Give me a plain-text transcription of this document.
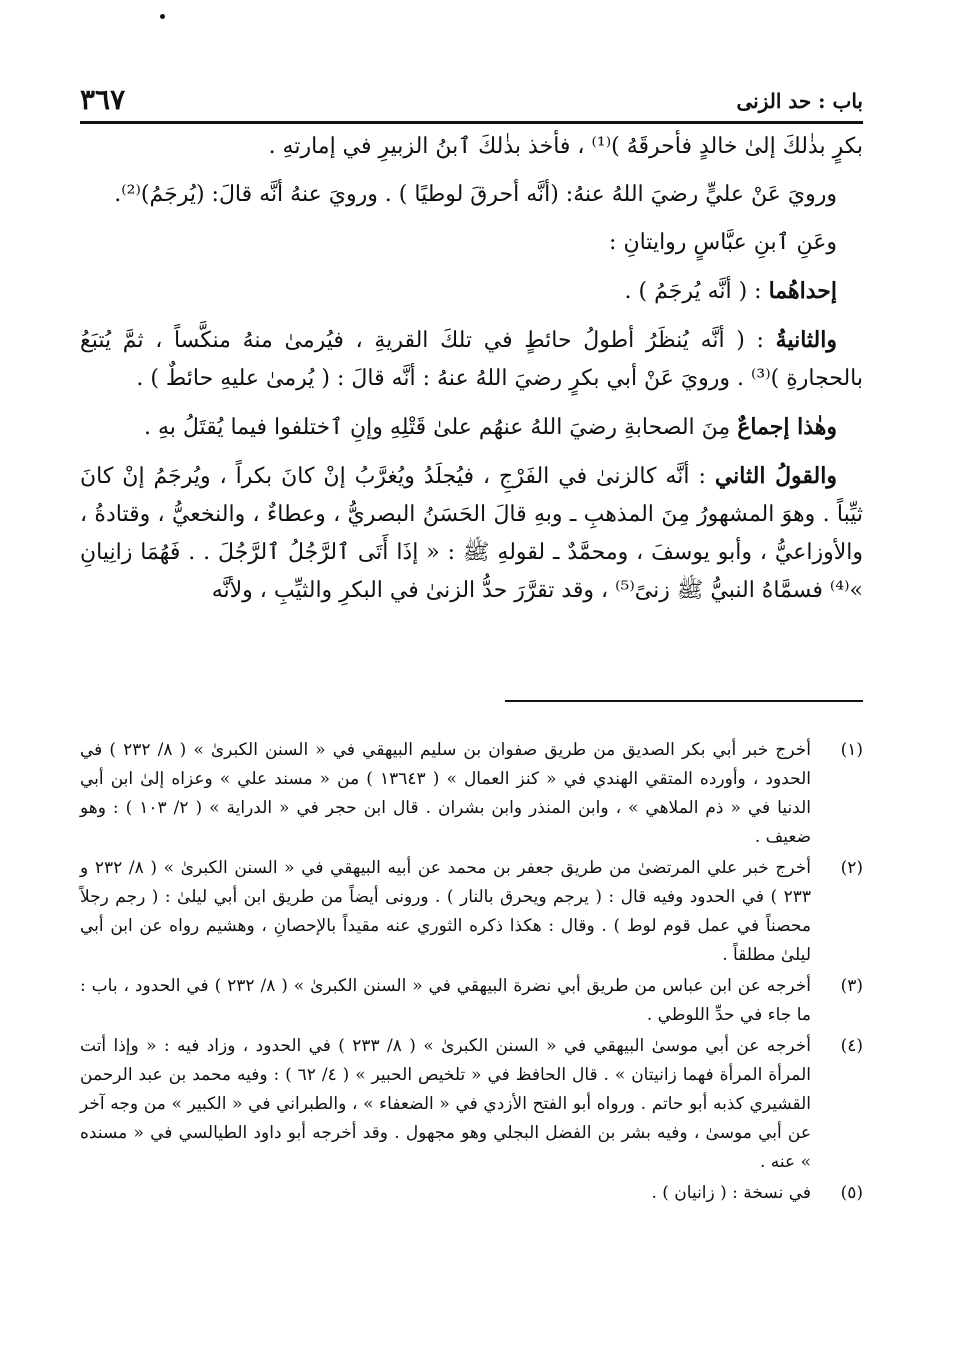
٣٦٧	باب : حد الزنى

بكرٍ بذٰلكَ إلىٰ خالدٍ فأحرقَهُ )⁽¹⁾ ، فأخذ بذٰلكَ ٱبنُ الزبيرِ في إمارتهِ .

ورويَ عَنْ عليٍّ رضيَ اللهُ عنهُ: (أنَّه أحرقَ لوطيًا ) . ورويَ عنهُ أنَّه قالَ: (يُرجَمُ)⁽²⁾.

وعَنِ ٱبنِ عبَّاسٍ روايتانِ :

إحداهُما : ( أنَّه يُرجَمُ ) .

والثانيةُ : ( أنَّه يُنظَرُ أطولُ حائطٍ في تلكَ القريةِ ، فيُرمىٰ منهُ منكَّساً ، ثمَّ يُتبَعُ بالحجارةِ )⁽³⁾ . ورويَ عَنْ أبي بكرٍ رضيَ اللهُ عنهُ : أنَّه قالَ : ( يُرمىٰ عليهِ حائطٌ ) .

وهٰذا إجماعٌ مِنَ الصحابةِ رضيَ اللهُ عنهُم علىٰ قَتْلِهِ وإنِ ٱختلفوا فيما يُقتَلُ بهِ .

والقولُ الثاني : أنَّه كالزنىٰ في الفَرْجِ ، فيُجلَدُ ويُغرَّبُ إنْ كانَ بكراً ، ويُرجَمُ إنْ كانَ ثيِّباً . وهوَ المشهورُ مِنَ المذهبِ ـ وبهِ قالَ الحَسَنُ البصريُّ ، وعطاءٌ ، والنخعيُّ ، وقتادةُ ، والأوزاعيُّ ، وأبو يوسفَ ، ومحمَّدٌ ـ لقولهِ ﷺ : « إذَا أَتَى ٱلرَّجُلُ ٱلرَّجُلَ . . فَهُمَا زانِيانِ »⁽⁴⁾ فسمَّاهُ النبيُّ ﷺ زنىً⁽⁵⁾ ، وقد تقرَّرَ حدُّ الزنىٰ في البكرِ والثيِّبِ ، ولأنَّه

(١)
أخرج خبر أبي بكر الصديق من طريق صفوان بن سليم البيهقي في « السنن الكبرىٰ » ( ٨/ ٢٣٢ ) في الحدود ، وأورده المتقي الهندي في « كنز العمال » ( ١٣٦٤٣ ) من « مسند علي » وعزاه إلىٰ ابن أبي الدنيا في « ذم الملاهي » ، وابن المنذر وابن بشران . قال ابن حجر في « الدراية » ( ٢/ ١٠٣ ) : وهو ضعيف .
(٢)
أخرج خبر علي المرتضىٰ من طريق جعفر بن محمد عن أبيه البيهقي في « السنن الكبرىٰ » ( ٨/ ٢٣٢ و ٢٣٣ ) في الحدود وفيه قال : ( يرجم ويحرق بالنار ) . ورونى أيضاً من طريق ابن أبي ليلىٰ : ( رجم رجلاً محصناً في عمل قوم لوط ) . وقال : هكذا ذكره الثوري عنه مقيداً بالإحصانِ ، وهشيم رواه عن ابن أبي ليلىٰ مطلقاً .
(٣)
أخرجه عن ابن عباس من طريق أبي نضرة البيهقي في « السنن الكبرىٰ » ( ٨/ ٢٣٢ ) في الحدود ، باب : ما جاء في حدِّ اللوطي .
(٤)
أخرجه عن أبي موسىٰ البيهقي في « السنن الكبرىٰ » ( ٨/ ٢٣٣ ) في الحدود ، وزاد فيه : « وإذا أتت المرأة المرأة فهما زانيتان » . قال الحافظ في « تلخيص الحبير » ( ٤/ ٦٢ ) : وفيه محمد بن عبد الرحمن القشيري كذبه أبو حاتم . ورواه أبو الفتح الأزدي في « الضعفاء » ، والطبراني في « الكبير » من وجه آخر عن أبي موسىٰ ، وفيه بشر بن الفضل البجلي وهو مجهول . وقد أخرجه أبو داود الطيالسي في « مسنده » عنه .
(٥)
في نسخة : ( زانيان ) .
